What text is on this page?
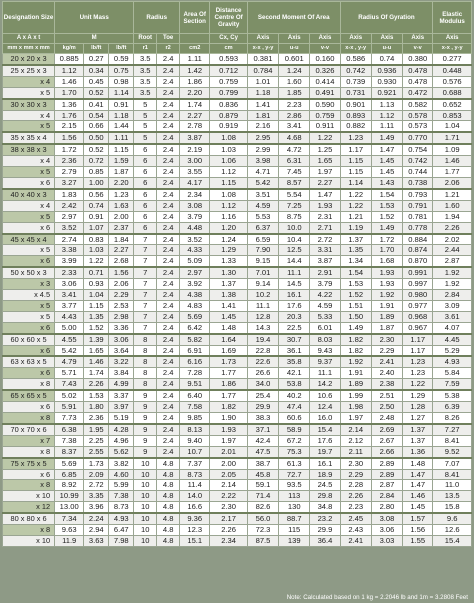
Designation Size	Unit Mass			Radius		Area Of Section	Distance Centre Of Gravity	Second Moment Of Area			Radius Of Gyration			Elastic Modulus
A x A x t	M			Root	Toe		C​x, C​y	Axis	Axis	Axis	Axis	Axis	Axis	Axis
mm x mm x mm	kg/m	lb/ft	lb/ft	r1	r2	cm2	cm	x-x , y-y	u-u	v-v	x-x , y-y	u-u	v-v	x-x , y-y
20 x 20 x 3	0.885	0.27	0.59	3.5	2.4	1.11	0.593	0.381	0.601	0.160	0.586	0.74	0.380	0.277
25 x 25 x 3	1.12	0.34	0.75	3.5	2.4	1.42	0.712	0.784	1.24	0.326	0.742	0.936	0.478	0.448
x 4	1.46	0.45	0.98	3.5	2.4	1.86	0.759	1.01	1.60	0.414	0.739	0.930	0.478	0.576
x 5	1.70	0.52	1.14	3.5	2.4	2.20	0.799	1.18	1.85	0.491	0.731	0.921	0.472	0.688
30 x 30 x 3	1.36	0.41	0.91	5	2.4	1.74	0.836	1.41	2.23	0.590	0.901	1.13	0.582	0.652
x 4	1.76	0.54	1.18	5	2.4	2.27	0.879	1.81	2.86	0.759	0.893	1.12	0.578	0.853
x 5	2.15	0.66	1.44	5	2.4	2.78	0.919	2.16	3.41	0.911	0.882	1.11	0.573	1.04
35 x 35 x 4	1.56	0.50	1.11	5	2.4	3.87	1.08	2.95	4.68	1.22	1.23	1.49	0.770	1.71
38 x 38 x 3	1.72	0.52	1.15	6	2.4	2.19	1.03	2.99	4.72	1.25	1.17	1.47	0.754	1.09
x 4	2.36	0.72	1.59	6	2.4	3.00	1.06	3.98	6.31	1.65	1.15	1.45	0.742	1.46
x 5	2.79	0.85	1.87	6	2.4	3.55	1.12	4.71	7.45	1.97	1.15	1.45	0.744	1.77
x 6	3.27	1.00	2.20	6	2.4	4.17	1.15	5.42	8.57	2.27	1.14	1.43	0.738	2.06
40 x 40 x 3	1.83	0.56	1.23	6	2.4	2.34	1.08	3.51	5.54	1.47	1.22	1.54	0.793	1.21
x 4	2.42	0.74	1.63	6	2.4	3.08	1.12	4.59	7.25	1.93	1.22	1.53	0.791	1.60
x 5	2.97	0.91	2.00	6	2.4	3.79	1.16	5.53	8.75	2.31	1.21	1.52	0.781	1.94
x 6	3.52	1.07	2.37	6	2.4	4.48	1.20	6.37	10.0	2.71	1.19	1.49	0.778	2.26
45 x 45 x 4	2.74	0.83	1.84	7	2.4	3.52	1.24	6.59	10.4	2.72	1.37	1.72	0.884	2.02
x 5	3.38	1.03	2.27	7	2.4	4.33	1.29	7.90	12.5	3.31	1.35	1.70	0.874	2.44
x 6	3.99	1.22	2.68	7	2.4	5.09	1.33	9.15	14.4	3.87	1.34	1.68	0.870	2.87
50 x 50 x 3	2.33	0.71	1.56	7	2.4	2.97	1.30	7.01	11.1	2.91	1.54	1.93	0.991	1.92
x 3	3.06	0.93	2.06	7	2.4	3.92	1.37	9.14	14.5	3.79	1.53	1.93	0.997	1.92
x 4.5	3.41	1.04	2.29	7	2.4	4.38	1.38	10.2	16.1	4.22	1.52	1.92	0.980	2.84
x 5	3.77	1.15	2.53	7	2.4	4.83	1.41	11.1	17.6	4.59	1.51	1.91	0.977	3.09
x 5	4.43	1.35	2.98	7	2.4	5.69	1.45	12.8	20.3	5.33	1.50	1.89	0.968	3.61
x 6	5.00	1.52	3.36	7	2.4	6.42	1.48	14.3	22.5	6.01	1.49	1.87	0.967	4.07
60 x 60 x 5	4.55	1.39	3.06	8	2.4	5.82	1.64	19.4	30.7	8.03	1.82	2.30	1.17	4.45
x 6	5.42	1.65	3.64	8	2.4	6.91	1.69	22.8	36.1	9.43	1.82	2.29	1.17	5.29
63 x 63 x 5	4.79	1.46	3.22	8	2.4	6.16	1.73	22.6	35.8	9.37	1.92	2.41	1.23	4.93
x 6	5.71	1.74	3.84	8	2.4	7.28	1.77	26.6	42.1	11.1	1.91	2.40	1.23	5.84
x 8	7.43	2.26	4.99	8	2.4	9.51	1.86	34.0	53.8	14.2	1.89	2.38	1.22	7.59
65 x 65 x 5	5.02	1.53	3.37	9	2.4	6.40	1.77	25.4	40.2	10.6	1.99	2.51	1.29	5.38
x 6	5.91	1.80	3.97	9	2.4	7.58	1.82	29.9	47.4	12.4	1.98	2.50	1.28	6.39
x 8	7.73	2.36	5.19	9	2.4	9.85	1.90	38.3	60.6	16.0	1.97	2.48	1.27	8.26
70 x 70 x 6	6.38	1.95	4.28	9	2.4	8.13	1.93	37.1	58.9	15.4	2.14	2.69	1.37	7.27
x 7	7.38	2.25	4.96	9	2.4	9.40	1.97	42.4	67.2	17.6	2.12	2.67	1.37	8.41
x 8	8.37	2.55	5.62	9	2.4	10.7	2.01	47.5	75.3	19.7	2.11	2.66	1.36	9.52
75 x 75 x 5	5.69	1.73	3.82	10	4.8	7.37	2.00	38.7	61.3	16.1	2.30	2.89	1.48	7.07
x 6	6.85	2.09	4.60	10	4.8	8.73	2.05	45.8	72.7	18.9	2.29	2.89	1.47	8.41
x 8	8.92	2.72	5.99	10	4.8	11.4	2.14	59.1	93.5	24.5	2.28	2.87	1.47	11.0
x 10	10.99	3.35	7.38	10	4.8	14.0	2.22	71.4	113	29.8	2.26	2.84	1.46	13.5
x 12	13.00	3.96	8.73	10	4.8	16.6	2.30	82.6	130	34.8	2.23	2.80	1.45	15.8
80 x 80 x 6	7.34	2.24	4.93	10	4.8	9.36	2.17	56.0	88.7	23.2	2.45	3.08	1.57	9.6
x 8	9.63	2.94	6.47	10	4.8	12.3	2.26	72.3	115	29.9	2.43	3.06	1.56	12.6
x 10	11.9	3.63	7.98	10	4.8	15.1	2.34	87.5	139	36.4	2.41	3.03	1.55	15.4
Note: Calculated based on 1 kg = 2.2046 lb and 1m = 3.2808 Feet
